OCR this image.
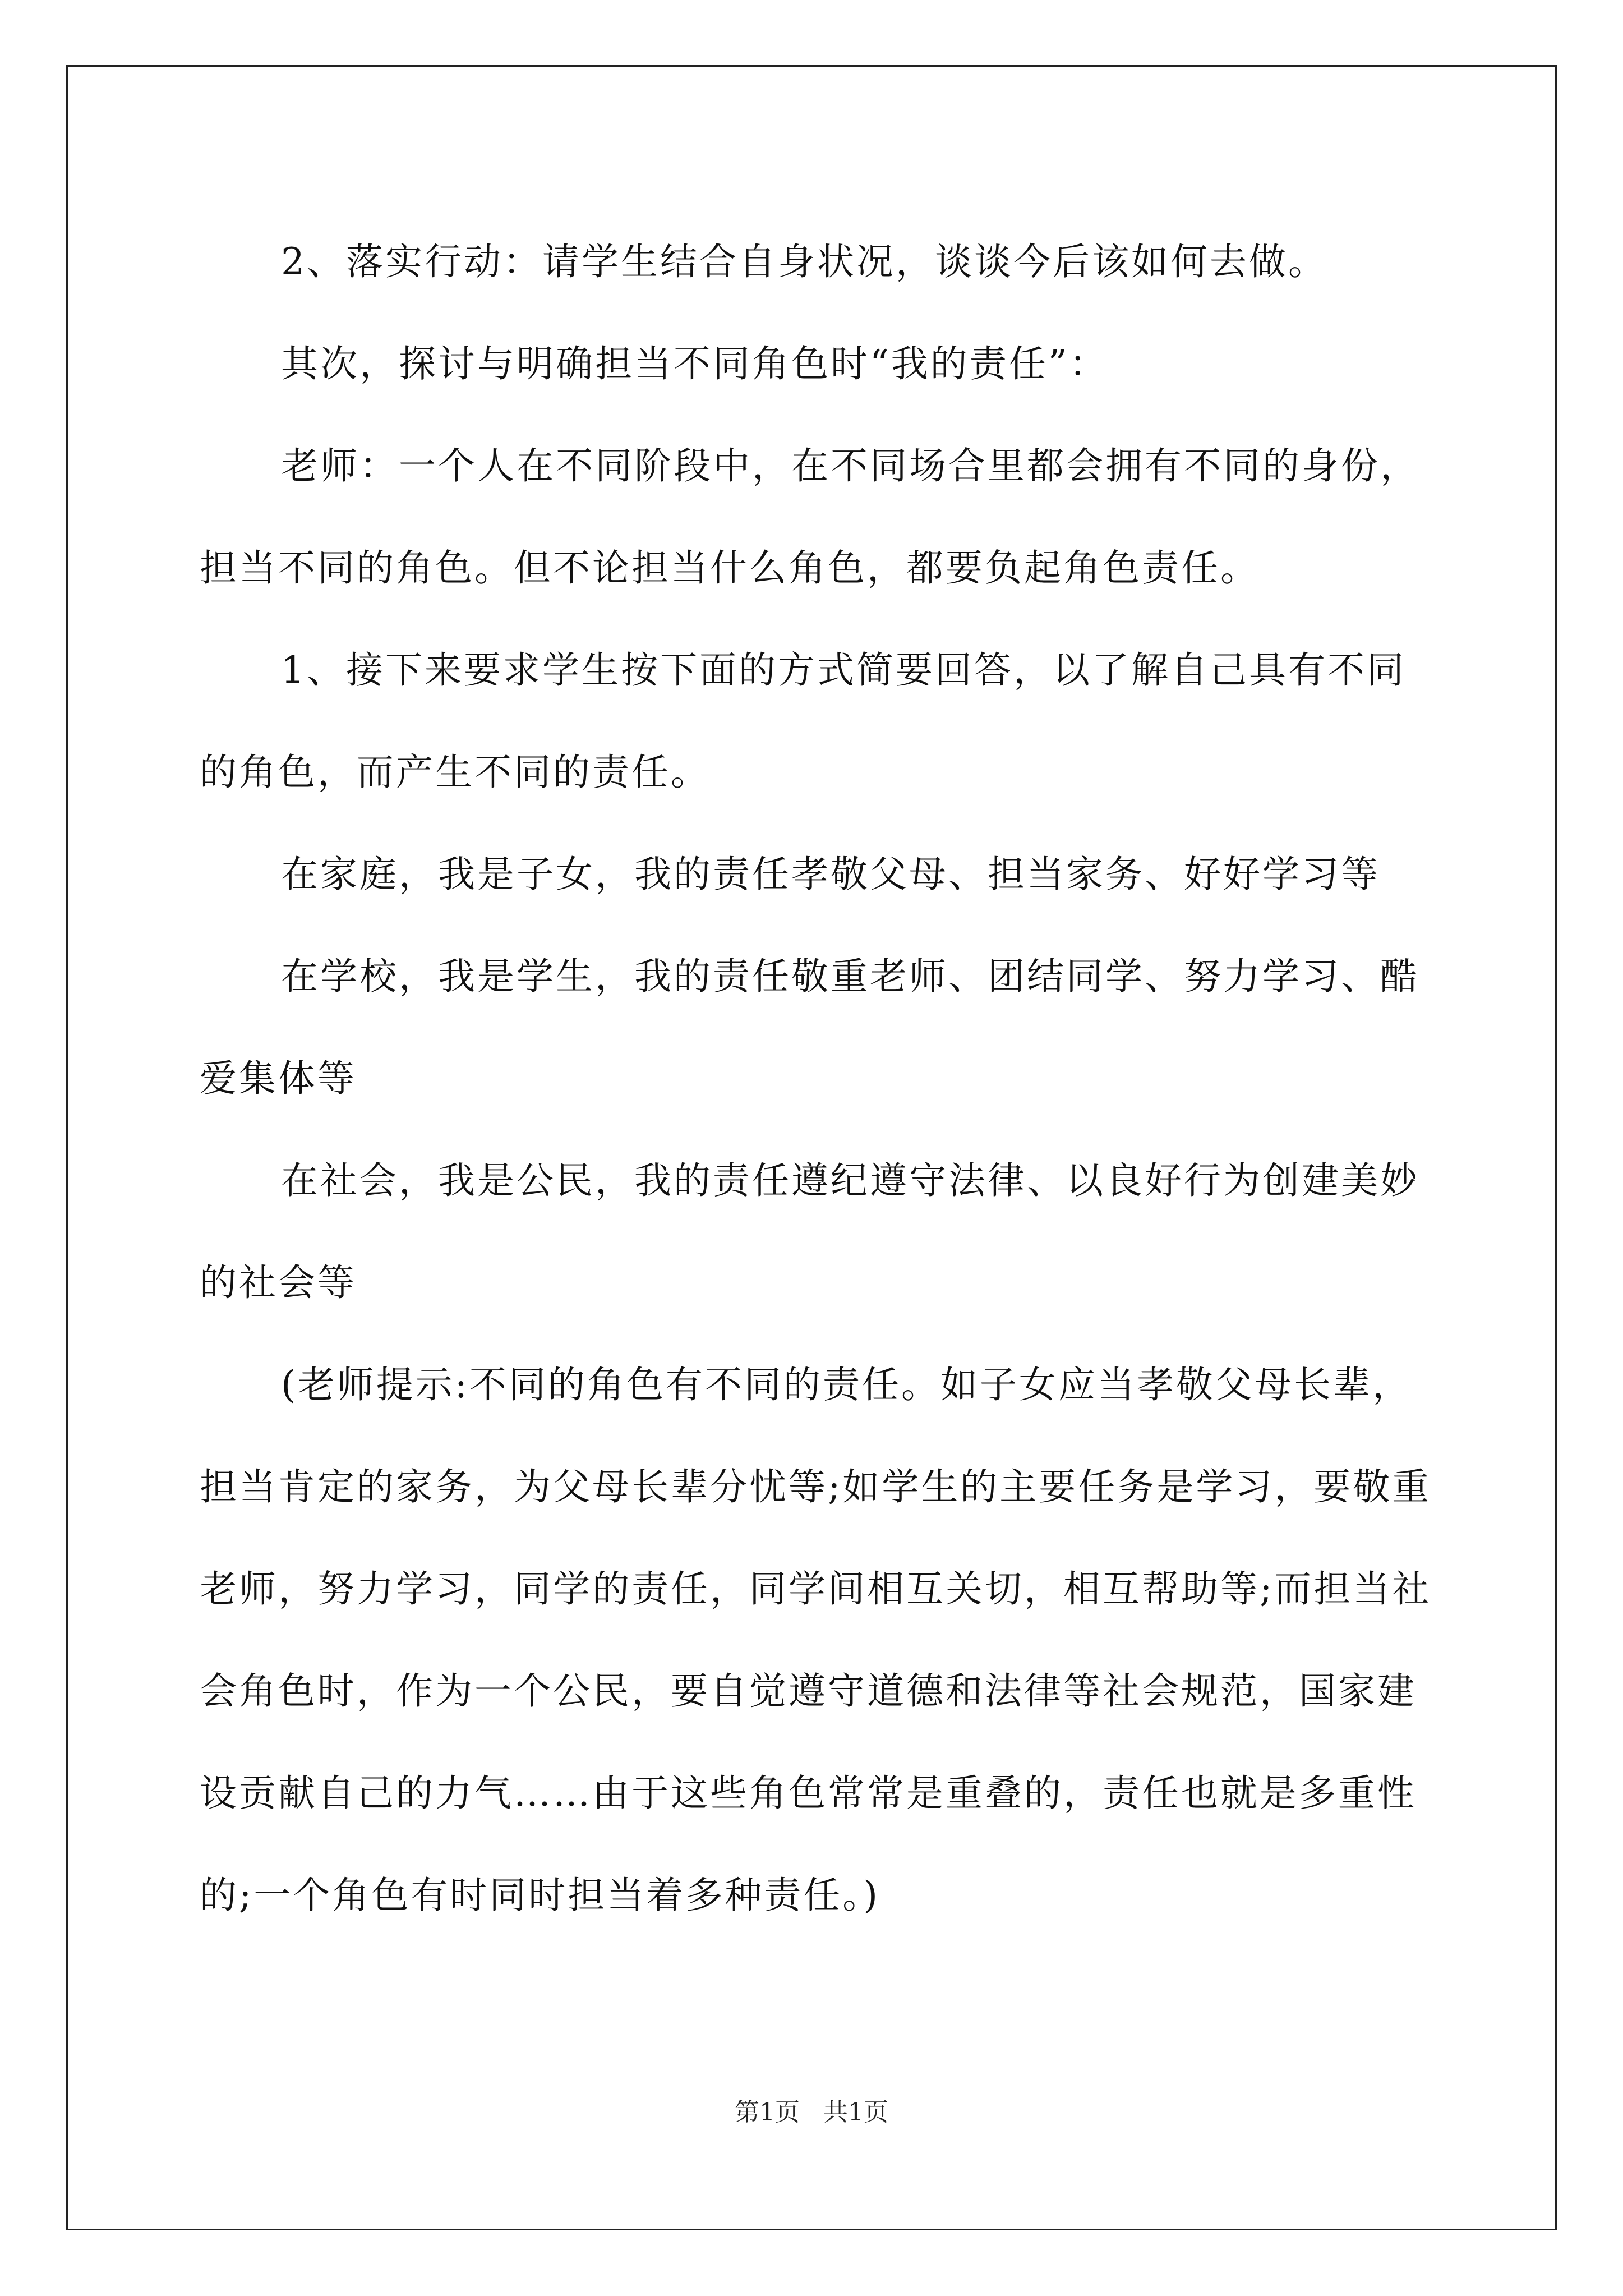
2、落实行动：请学生结合自身状况，谈谈今后该如何去做。

其次，探讨与明确担当不同角色时“我的责任”：

老师：一个人在不同阶段中，在不同场合里都会拥有不同的身份，担当不同的角色。但不论担当什么角色，都要负起角色责任。

1、接下来要求学生按下面的方式简要回答，以了解自己具有不同的角色，而产生不同的责任。

在家庭，我是子女，我的责任孝敬父母、担当家务、好好学习等

在学校，我是学生，我的责任敬重老师、团结同学、努力学习、酷爱集体等

在社会，我是公民，我的责任遵纪遵守法律、以良好行为创建美妙的社会等

(老师提示:不同的角色有不同的责任。如子女应当孝敬父母长辈，担当肯定的家务，为父母长辈分忧等;如学生的主要任务是学习，要敬重老师，努力学习，同学的责任，同学间相互关切，相互帮助等;而担当社会角色时，作为一个公民，要自觉遵守道德和法律等社会规范，国家建设贡献自己的力气……由于这些角色常常是重叠的，责任也就是多重性的;一个角色有时同时担当着多种责任。)

第1页 共1页
